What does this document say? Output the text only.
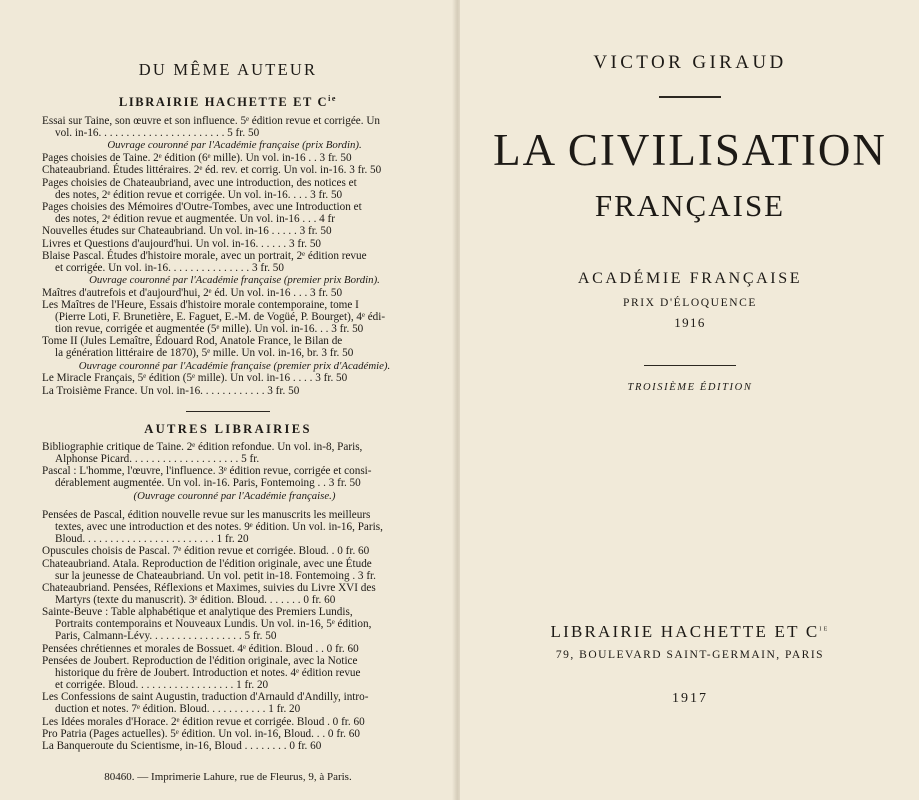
DU MÊME AUTEUR
LIBRAIRIE HACHETTE ET $C^{ie}$
Essai sur Taine, son œuvre et son influence. 5ᵉ édition revue et corrigée. Un
vol. in-16. . . . . . . . . . . . . . . . . . . . . . . 5 fr. 50
Ouvrage couronné par l'Académie française (prix Bordin).
Pages choisies de Taine. 2ᵉ édition (6ᵉ mille). Un vol. in-16 . . 3 fr. 50
Chateaubriand. Études littéraires. 2ᵉ éd. rev. et corrig. Un vol. in-16. 3 fr. 50
Pages choisies de Chateaubriand, avec une introduction, des notices et
des notes, 2ᵉ édition revue et corrigée. Un vol. in-16. . . . 3 fr. 50
Pages choisies des Mémoires d'Outre-Tombes, avec une Introduction et
des notes, 2ᵉ édition revue et augmentée. Un vol. in-16 . . . 4 fr
Nouvelles études sur Chateaubriand. Un vol. in-16 . . . . . 3 fr. 50
Livres et Questions d'aujourd'hui. Un vol. in-16. . . . . . 3 fr. 50
Blaise Pascal. Études d'histoire morale, avec un portrait, 2ᵉ édition revue
et corrigée. Un vol. in-16. . . . . . . . . . . . . . . 3 fr. 50
Ouvrage couronné par l'Académie française (premier prix Bordin).
Maîtres d'autrefois et d'aujourd'hui, 2ᵉ éd. Un vol. in-16 . . . 3 fr. 50
Les Maîtres de l'Heure, Essais d'histoire morale contemporaine, tome I
(Pierre Loti, F. Brunetière, E. Faguet, E.-M. de Vogüé, P. Bourget), 4ᵉ édi-
tion revue, corrigée et augmentée (5ᵉ mille). Un vol. in-16. . . 3 fr. 50
Tome II (Jules Lemaître, Édouard Rod, Anatole France, le Bilan de
la génération littéraire de 1870), 5ᵉ mille. Un vol. in-16, br. 3 fr. 50
Ouvrage couronné par l'Académie française (premier prix d'Académie).
Le Miracle Français, 5ᵉ édition (5ᵉ mille). Un vol. in-16 . . . . 3 fr. 50
La Troisième France. Un vol. in-16. . . . . . . . . . . . 3 fr. 50
AUTRES LIBRAIRIES
Bibliographie critique de Taine. 2ᵉ édition refondue. Un vol. in-8, Paris,
Alphonse Picard. . . . . . . . . . . . . . . . . . . . 5 fr.
Pascal : L'homme, l'œuvre, l'influence. 3ᵉ édition revue, corrigée et consi-
dérablement augmentée. Un vol. in-16. Paris, Fontemoing . . 3 fr. 50
(Ouvrage couronné par l'Académie française.)
Pensées de Pascal, édition nouvelle revue sur les manuscrits les meilleurs
textes, avec une introduction et des notes. 9ᵉ édition. Un vol. in-16, Paris,
Bloud. . . . . . . . . . . . . . . . . . . . . . . . 1 fr. 20
Opuscules choisis de Pascal. 7ᵉ édition revue et corrigée. Bloud. . 0 fr. 60
Chateaubriand. Atala. Reproduction de l'édition originale, avec une Étude
sur la jeunesse de Chateaubriand. Un vol. petit in-18. Fontemoing . 3 fr.
Chateaubriand. Pensées, Réflexions et Maximes, suivies du Livre XVI des
Martyrs (texte du manuscrit). 3ᵉ édition. Bloud. . . . . . . 0 fr. 60
Sainte-Beuve : Table alphabétique et analytique des Premiers Lundis,
Portraits contemporains et Nouveaux Lundis. Un vol. in-16, 5ᵉ édition,
Paris, Calmann-Lévy. . . . . . . . . . . . . . . . . 5 fr. 50
Pensées chrétiennes et morales de Bossuet. 4ᵉ édition. Bloud . . 0 fr. 60
Pensées de Joubert. Reproduction de l'édition originale, avec la Notice
historique du frère de Joubert. Introduction et notes. 4ᵉ édition revue
et corrigée. Bloud. . . . . . . . . . . . . . . . . . 1 fr. 20
Les Confessions de saint Augustin, traduction d'Arnauld d'Andilly, intro-
duction et notes. 7ᵉ édition. Bloud. . . . . . . . . . . 1 fr. 20
Les Idées morales d'Horace. 2ᵉ édition revue et corrigée. Bloud . 0 fr. 60
Pro Patria (Pages actuelles). 5ᵉ édition. Un vol. in-16, Bloud. . . 0 fr. 60
La Banqueroute du Scientisme, in-16, Bloud . . . . . . . . 0 fr. 60
80460. — Imprimerie Lahure, rue de Fleurus, 9, à Paris.
VICTOR GIRAUD
LA CIVILISATION
FRANÇAISE
ACADÉMIE FRANÇAISE
PRIX D'ÉLOQUENCE
1916
TROISIÈME ÉDITION
LIBRAIRIE HACHETTE ET $C^{ie}$
79, BOULEVARD SAINT-GERMAIN, PARIS
1917
